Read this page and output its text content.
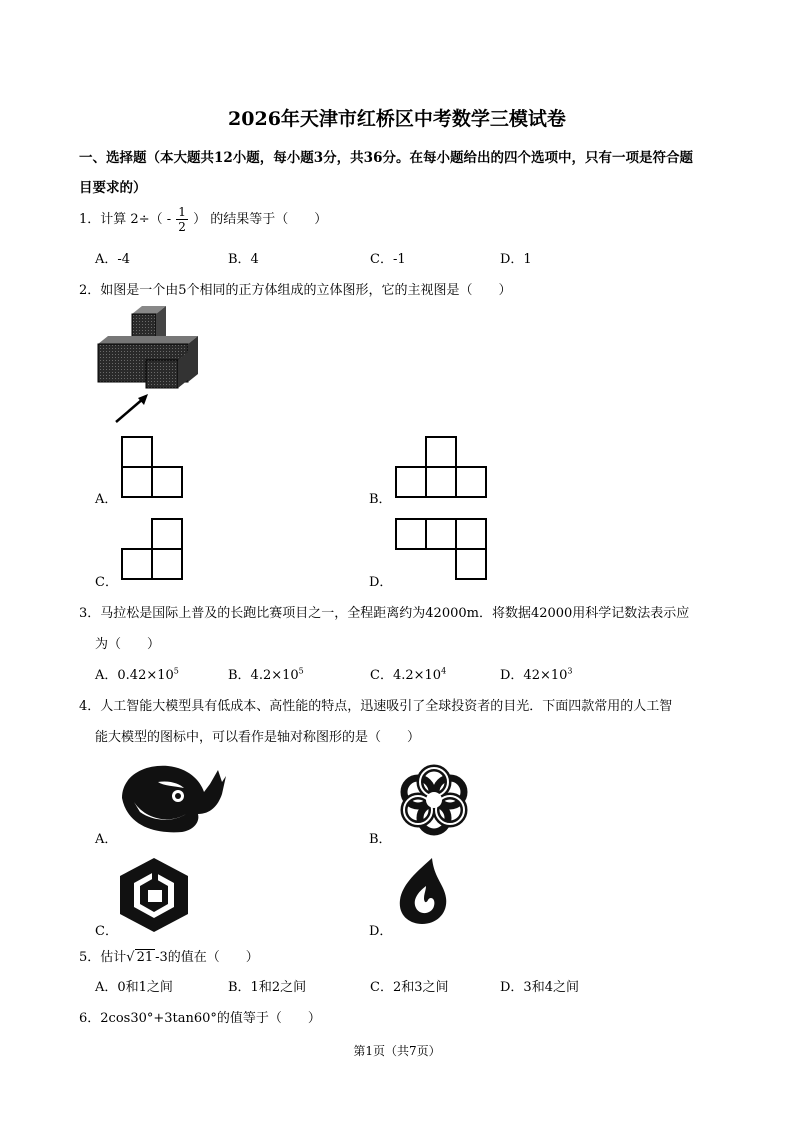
2026年天津市红桥区中考数学三模试卷
一、选择题（本大题共12小题，每小题3分，共36分。在每小题给出的四个选项中，只有一项是符合题
目要求的）
1．计算 $2\div( - \frac{1}{2}$ ） 的结果等于（　　）
A．-4	B．4	C．-1	D．1
2．如图是一个由5个相同的正方体组成的立体图形，它的主视图是（　　）
A．	B．
C．	D．
3．马拉松是国际上普及的长跑比赛项目之一，全程距离约为42000m．将数据42000用科学记数法表示应
为（　　）
A．$0.42\times 10^5$	B．$4.2\times 10^5$	C．$4.2\times 10^4$	D．$42\times 10^3$
4．人工智能大模型具有低成本、高性能的特点，迅速吸引了全球投资者的目光．下面四款常用的人工智
能大模型的图标中，可以看作是轴对称图形的是（　　）
A．	B．
C．	D．
5．估计√ 21 -3的值在（　　）
A．0和1之间	B．1和2之间	C．2和3之间	D．3和4之间
6．2cos30°+3tan60°的值等于（　　）
第1页（共7页）
